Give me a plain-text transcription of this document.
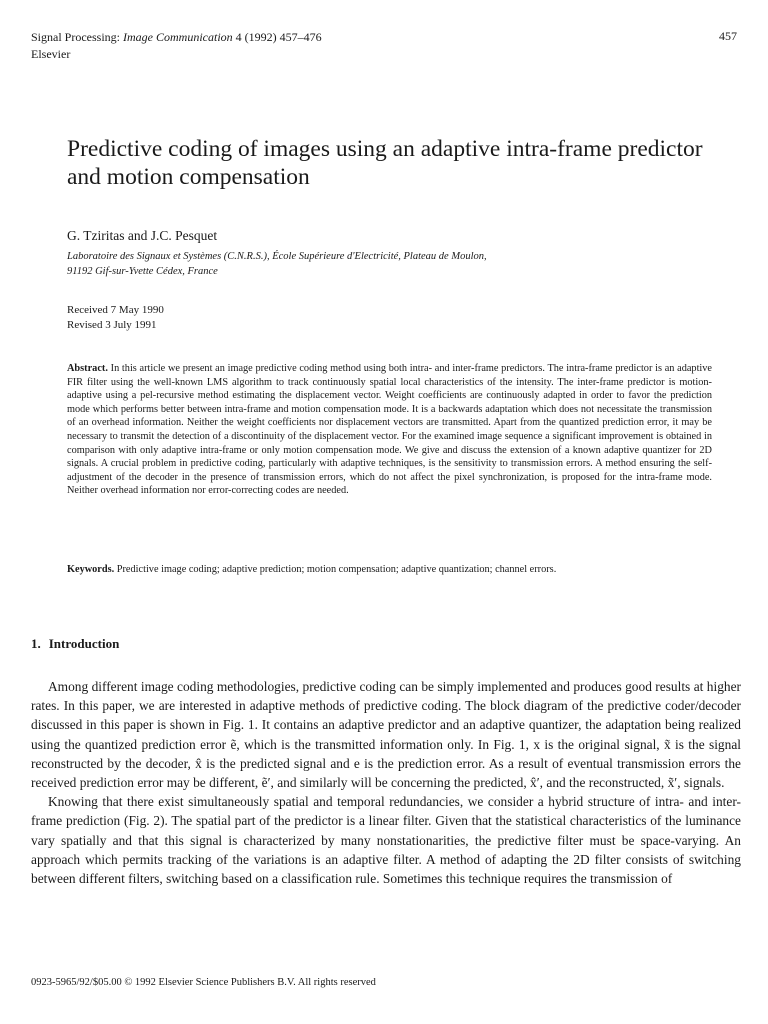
Signal Processing: Image Communication 4 (1992) 457–476
Elsevier
457
Predictive coding of images using an adaptive intra-frame predictor and motion compensation
G. Tziritas and J.C. Pesquet
Laboratoire des Signaux et Systèmes (C.N.R.S.), École Supérieure d'Electricité, Plateau de Moulon,
91192 Gif-sur-Yvette Cédex, France
Received 7 May 1990
Revised 3 July 1991
Abstract. In this article we present an image predictive coding method using both intra- and inter-frame predictors. The intra-frame predictor is an adaptive FIR filter using the well-known LMS algorithm to track continuously spatial local characteristics of the intensity. The inter-frame predictor is motion-adaptive using a pel-recursive method estimating the displacement vector. Weight coefficients are continuously adapted in order to favor the prediction mode which performs better between intra-frame and motion compensation mode. It is a backwards adaptation which does not necessitate the transmission of an overhead information. Neither the weight coefficients nor displacement vectors are transmitted. Apart from the quantized prediction error, it may be necessary to transmit the detection of a discontinuity of the displacement vector. For the examined image sequence a significant improvement is obtained in comparison with only adaptive intra-frame or only motion compensation mode. We give and discuss the extension of a known adaptive quantizer for 2D signals. A crucial problem in predictive coding, particularly with adaptive techniques, is the sensitivity to transmission errors. A method ensuring the self-adjustment of the decoder in the presence of transmission errors, which do not affect the pixel synchronization, is proposed for the intra-frame mode. Neither overhead information nor error-correcting codes are needed.
Keywords. Predictive image coding; adaptive prediction; motion compensation; adaptive quantization; channel errors.
1. Introduction

Among different image coding methodologies, predictive coding can be simply implemented and produces good results at higher rates. In this paper, we are interested in adaptive methods of predictive coding. The block diagram of the predictive coder/decoder discussed in this paper is shown in Fig. 1. It contains an adaptive predictor and an adaptive quantizer, the adaptation being realized using the quantized prediction error ẽ, which is the transmitted information only. In Fig. 1, x is the original signal, x̃ is the signal reconstructed by the decoder, x̂ is the predicted signal and e is the prediction error. As a result of eventual transmission errors the received prediction error may be different, ẽ′, and similarly will be concerning the predicted, x̂′, and the reconstructed, x̃′, signals.

Knowing that there exist simultaneously spatial and temporal redundancies, we consider a hybrid structure of intra- and inter-frame prediction (Fig. 2). The spatial part of the predictor is a linear filter. Given that the statistical characteristics of the luminance vary spatially and that this signal is characterized by many nonstationarities, the predictive filter must be space-varying. An approach which permits tracking of the variations is an adaptive filter. A method of adapting the 2D filter consists of switching between different filters, switching based on a classification rule. Sometimes this technique requires the transmission of

0923-5965/92/$05.00 © 1992 Elsevier Science Publishers B.V. All rights reserved
